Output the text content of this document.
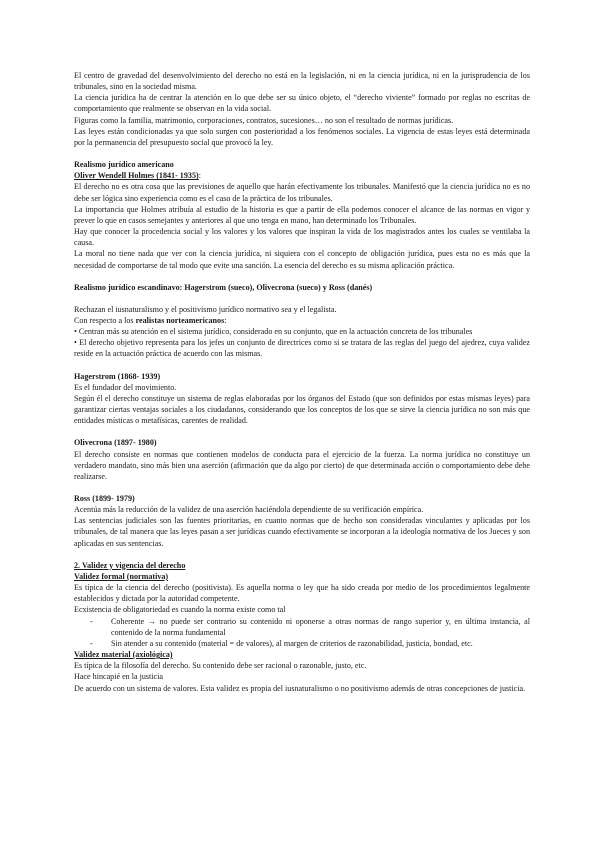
El centro de gravedad del desenvolvimiento del derecho no está en la legislación, ni en la ciencia jurídica, ni en la jurisprudencia de los tribunales, sino en la sociedad misma.

La ciencia jurídica ha de centrar la atención en lo que debe ser su único objeto, el “derecho viviente” formado por reglas no escritas de comportamiento que realmente se observan en la vida social.

Figuras como la familia, matrimonio, corporaciones, contratos, sucesiones… no son el resultado de normas jurídicas.

Las leyes están condicionadas ya que solo surgen con posterioridad a los fenómenos sociales. La vigencia de estas leyes está determinada por la permanencia del presupuesto social que provocó la ley.

Realismo jurídico americano

Oliver Wendell Holmes (1841- 1935):

El derecho no es otra cosa que las previsiones de aquello que harán efectivamente los tribunales. Manifestó que la ciencia jurídica no es no debe ser lógica sino experiencia como es el caso de la práctica de los tribunales.

La importancia que Holmes atribuía al estudio de la historia es que a partir de ella podemos conocer el alcance de las normas en vigor y prever lo que en casos semejantes y anteriores al que uno tenga en mano, han determinado los Tribunales.

Hay que conocer la procedencia social y los valores y los valores que inspiran la vida de los magistrados antes los cuales se ventilaba la causa.

La moral no tiene nada que ver con la ciencia jurídica, ni siquiera con el concepto de obligación jurídica, pues esta no es más que la necesidad de comportarse de tal modo que evite una sanción. La esencia del derecho es su misma aplicación práctica.

Realismo jurídico escandinavo: Hagerstrom (sueco), Olivecrona (sueco) y Ross (danés)

Rechazan el iusnaturalismo y el positivismo jurídico normativo sea y el legalista.

Con respecto a los realistas norteamericanos:

• Centran más su atención en el sistema jurídico, considerado en su conjunto, que en la actuación concreta de los tribunales

• El derecho objetivo representa para los jefes un conjunto de directrices como si se tratara de las reglas del juego del ajedrez, cuya validez reside en la actuación práctica de acuerdo con las mismas.

Hagerstrom (1868- 1939)

Es el fundador del movimiento.

Según él el derecho constituye un sistema de reglas elaboradas por los órganos del Estado (que son definidos por estas mismas leyes) para garantizar ciertas ventajas sociales a los ciudadanos, considerando que los conceptos de los que se sirve la ciencia jurídica no son más que entidades místicas o metafísicas, carentes de realidad.

Olivecrona (1897- 1980)

El derecho consiste en normas que contienen modelos de conducta para el ejercicio de la fuerza. La norma jurídica no constituye un verdadero mandato, sino más bien una aserción (afirmación que da algo por cierto) de que determinada acción o comportamiento debe debe realizarse.

Ross (1899- 1979)

Acentúa más la reducción de la validez de una aserción haciéndola dependiente de su verificación empírica.

Las sentencias judiciales son las fuentes prioritarias, en cuanto normas que de hecho son consideradas vinculantes y aplicadas por los tribunales, de tal manera que las leyes pasan a ser jurídicas cuando efectivamente se incorporan a la ideología normativa de los Jueces y son aplicadas en sus sentencias.

2. Validez y vigencia del derecho

Validez formal (normativa)

Es típica de la ciencia del derecho (positivista). Es aquella norma o ley que ha sido creada por medio de los procedimientos legalmente establecidos y dictada por la autoridad competente.

Ecxistencia de obligatoriedad es cuando la norma existe como tal

-	Coherente → no puede ser contrario su contenido ni oponerse a otras normas de rango superior y, en última instancia, al contenido de la norma fundamental
-	Sin atender a su contenido (material = de valores), al margen de criterios de razonabilidad, justicia, bondad, etc.

Validez material (axiológica)

Es típica de la filosofía del derecho. Su contenido debe ser racional o razonable, justo, etc.

Hace hincapié en la justicia

De acuerdo con un sistema de valores. Esta validez es propia del iusnaturalismo o no positivismo además de otras concepciones de justicia.
